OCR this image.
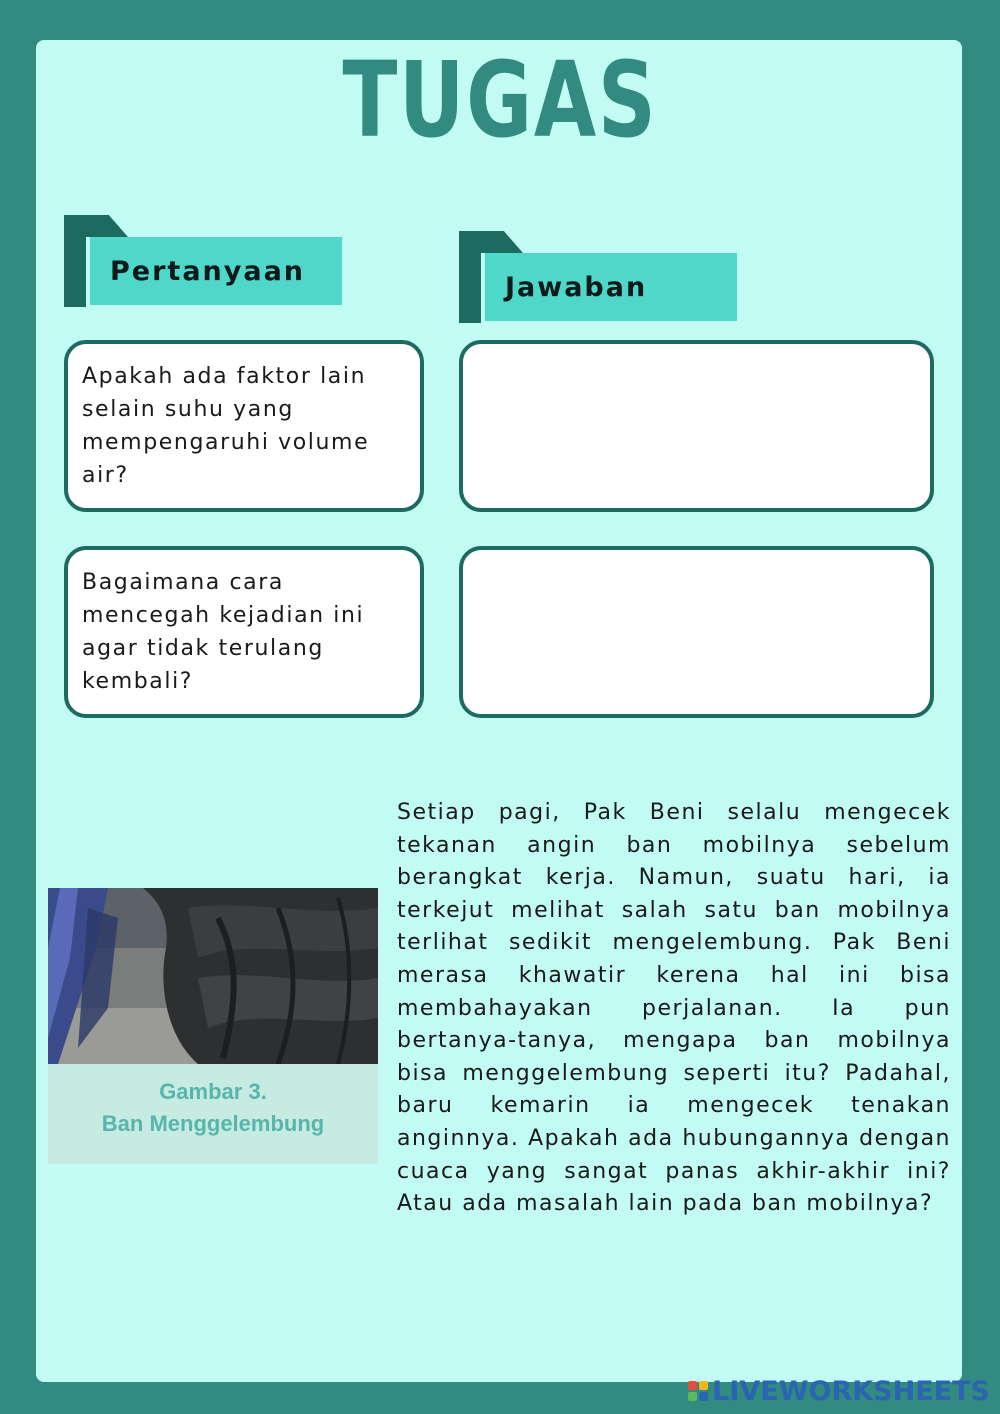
TUGAS
Pertanyaan
Jawaban
Apakah ada faktor lain selain suhu yang mempengaruhi volume air?
Bagaimana cara mencegah kejadian ini agar tidak terulang kembali?
Gambar 3.
Ban Menggelembung
Setiap pagi, Pak Beni selalu mengecek tekanan angin ban mobilnya sebelum berangkat kerja. Namun, suatu hari, ia terkejut melihat salah satu ban mobilnya terlihat sedikit mengelembung. Pak Beni merasa khawatir kerena hal ini bisa membahayakan perjalanan. Ia pun bertanya-tanya, mengapa ban mobilnya bisa menggelembung seperti itu? Padahal, baru kemarin ia mengecek tenakan anginnya. Apakah ada hubungannya dengan cuaca yang sangat panas akhir-akhir ini? Atau ada masalah lain pada ban mobilnya?
LIVEWORKSHEETS
